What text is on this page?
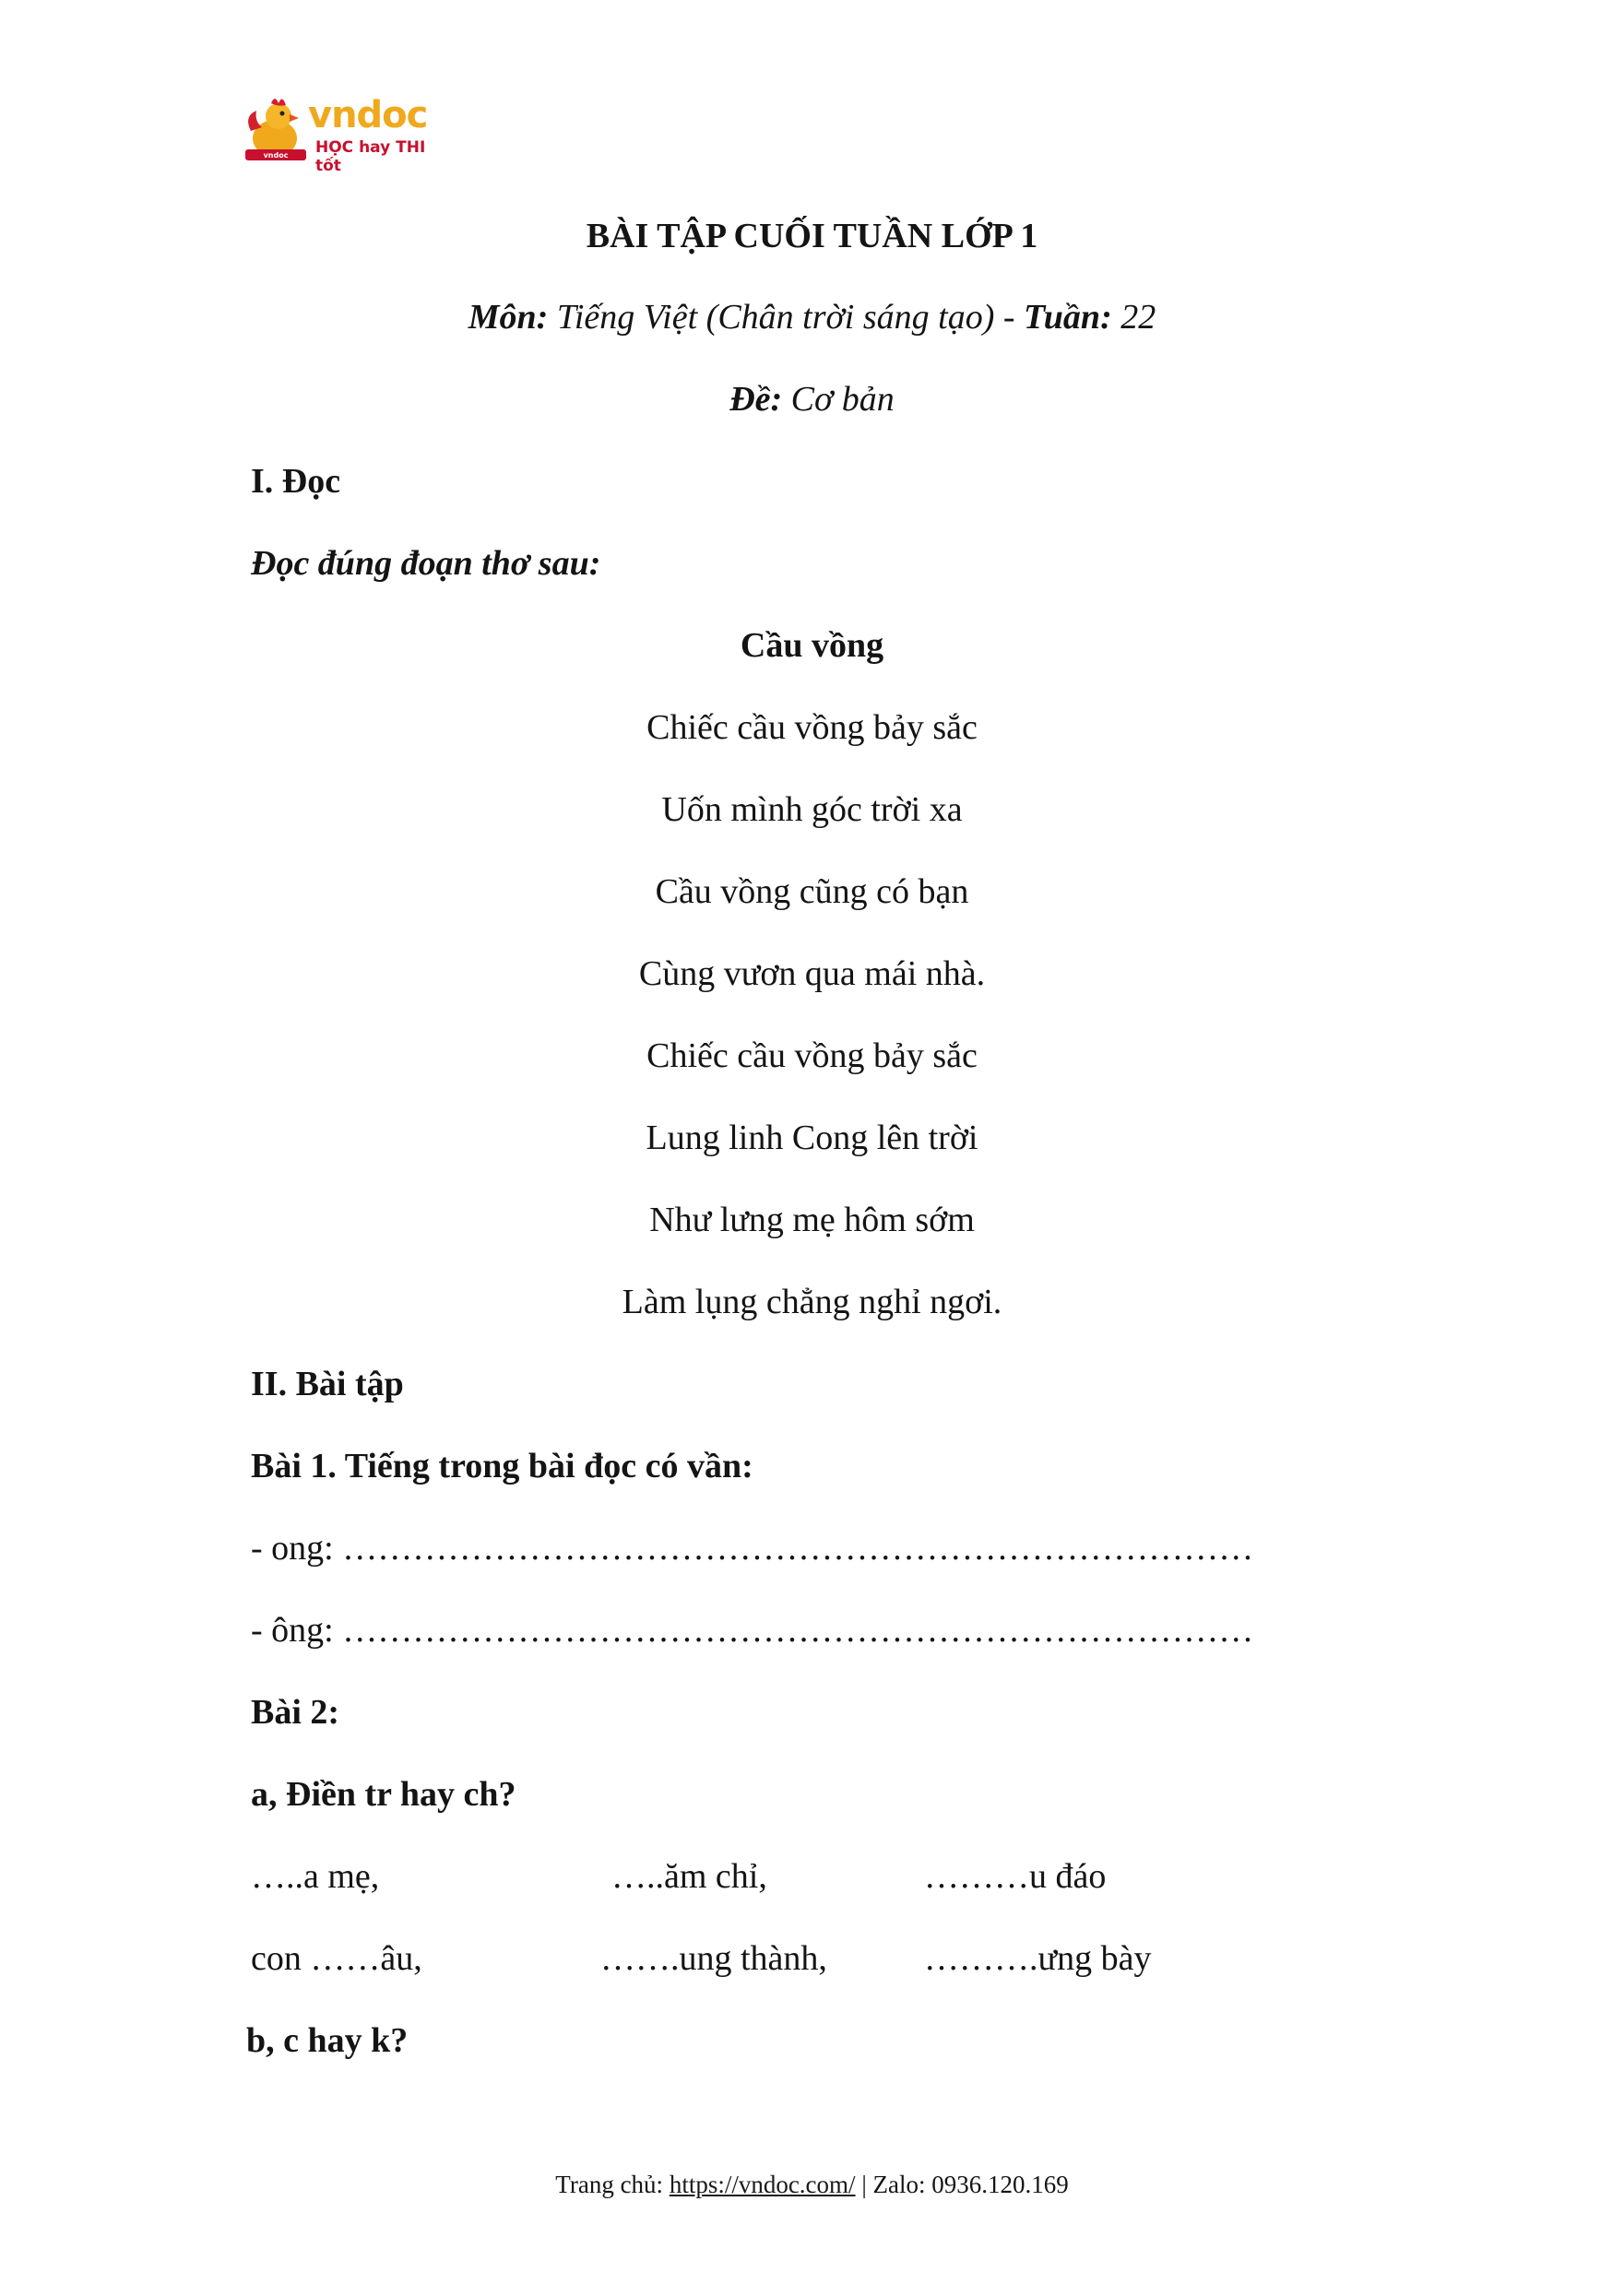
vndoc
vndoc
HỌC hay THI tốt
BÀI TẬP CUỐI TUẦN LỚP 1
Môn: Tiếng Việt (Chân trời sáng tạo) - Tuần: 22
Đề: Cơ bản
I. Đọc
Đọc đúng đoạn thơ sau:
Cầu vồng
Chiếc cầu vồng bảy sắc
Uốn mình góc trời xa
Cầu vồng cũng có bạn
Cùng vươn qua mái nhà.
Chiếc cầu vồng bảy sắc
Lung linh Cong lên trời
Như lưng mẹ hôm sớm
Làm lụng chẳng nghỉ ngơi.
II. Bài tập
Bài 1. Tiếng trong bài đọc có vần:
- ong: ……………………………………………………………………
- ông: ……………………………………………………………………
Bài 2:
a, Điền tr hay ch?
…..a mẹ,	…..ăm chỉ,	………u đáo
con ……âu,	…….ung thành,	……….ưng bày
b, c hay k?
Trang chủ: https://vndoc.com/ | Zalo: 0936.120.169
